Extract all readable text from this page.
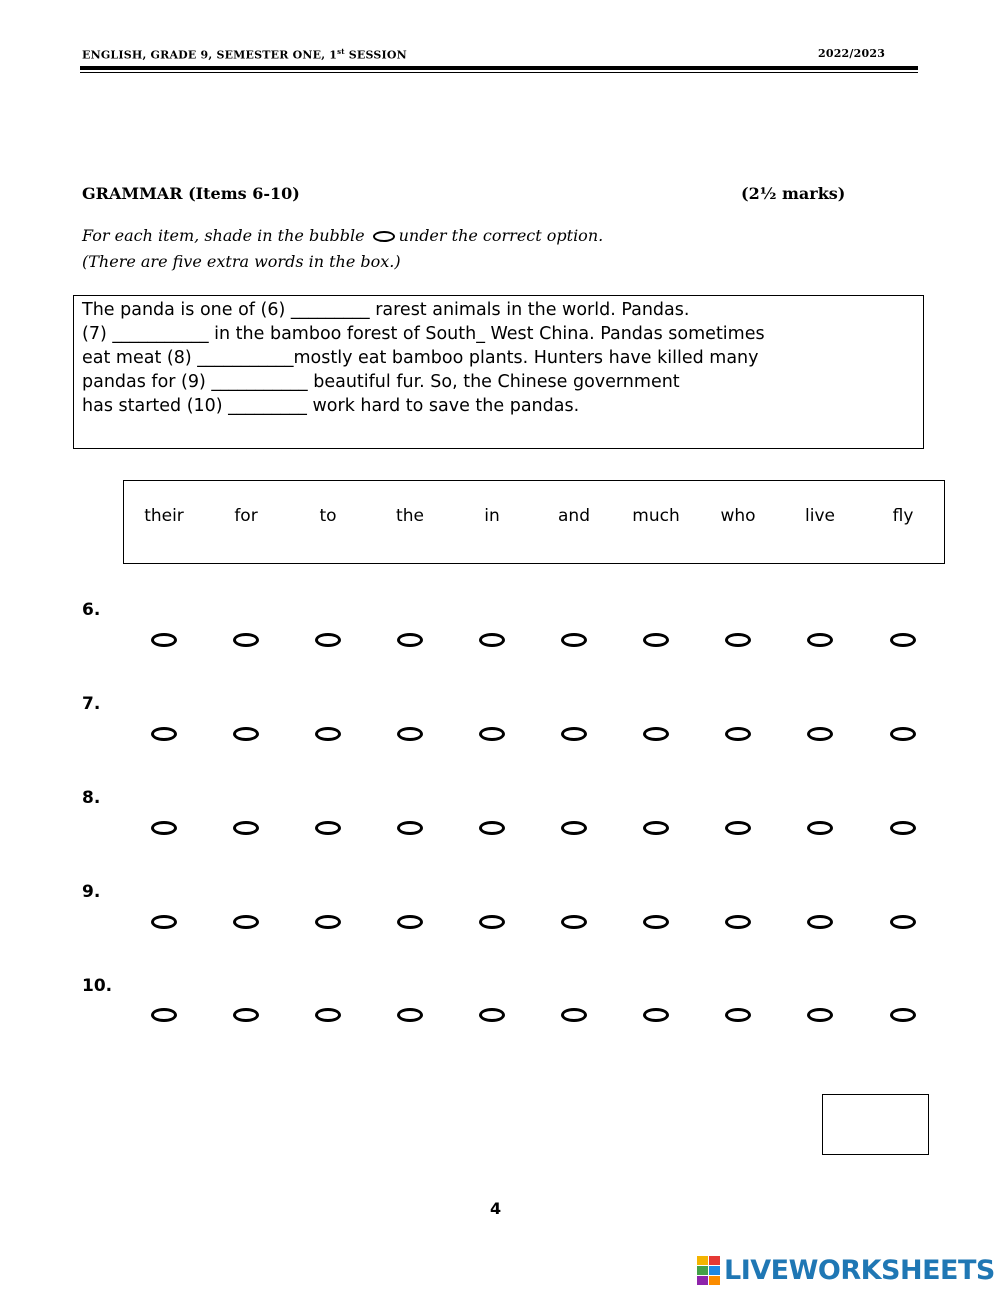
ENGLISH, GRADE 9, SEMESTER ONE, 1st SESSION	2022/2023
GRAMMAR (Items 6-10)	(2½ marks)
For each item, shade in the bubble under the correct option.
(There are five extra words in the box.)
The panda is one of (6) _________ rarest animals in the world. Pandas.
(7) ___________ in the bamboo forest of South_ West China. Pandas sometimes
eat meat (8) ___________mostly eat bamboo plants. Hunters have killed many
pandas for (9) ___________ beautiful fur. So, the Chinese government
has started (10) _________ work hard to save the pandas.
their	for	to	the	in	and	much	who	live	fly
6.
7.
8.
9.
10.
4
LIVEWORKSHEETS
